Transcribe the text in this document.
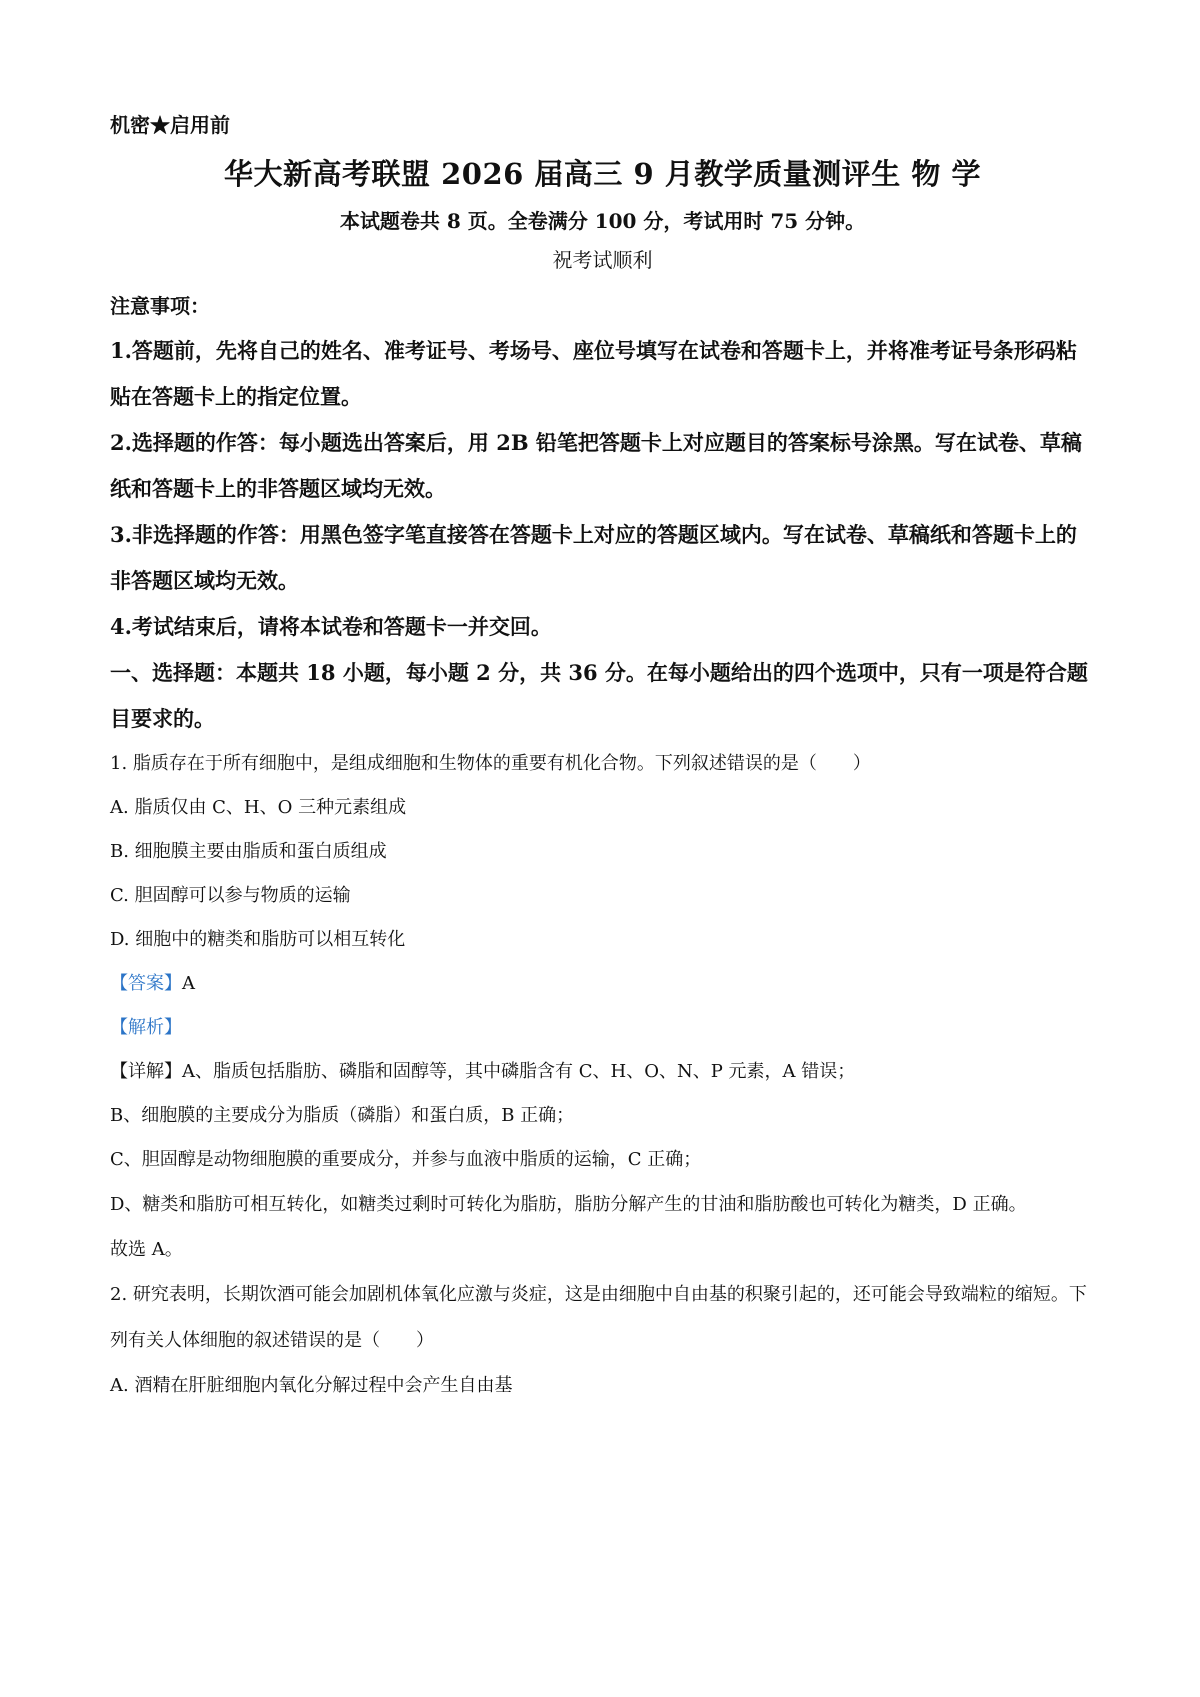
机密★启用前

华大新高考联盟 2026 届高三 9 月教学质量测评生 物 学

本试题卷共 8 页。全卷满分 100 分，考试用时 75 分钟。

祝考试顺利

注意事项：

1.答题前，先将自己的姓名、准考证号、考场号、座位号填写在试卷和答题卡上，并将准考证号条形码粘贴在答题卡上的指定位置。

2.选择题的作答：每小题选出答案后，用 2B 铅笔把答题卡上对应题目的答案标号涂黑。写在试卷、草稿纸和答题卡上的非答题区域均无效。

3.非选择题的作答：用黑色签字笔直接答在答题卡上对应的答题区域内。写在试卷、草稿纸和答题卡上的非答题区域均无效。

4.考试结束后，请将本试卷和答题卡一并交回。

一、选择题：本题共 18 小题，每小题 2 分，共 36 分。在每小题给出的四个选项中，只有一项是符合题目要求的。

1. 脂质存在于所有细胞中，是组成细胞和生物体的重要有机化合物。下列叙述错误的是（　　）

A. 脂质仅由 C、H、O 三种元素组成

B. 细胞膜主要由脂质和蛋白质组成

C. 胆固醇可以参与物质的运输

D. 细胞中的糖类和脂肪可以相互转化

【答案】A

【解析】

【详解】A、脂质包括脂肪、磷脂和固醇等，其中磷脂含有 C、H、O、N、P 元素，A 错误；

B、细胞膜的主要成分为脂质（磷脂）和蛋白质，B 正确；

C、胆固醇是动物细胞膜的重要成分，并参与血液中脂质的运输，C 正确；

D、糖类和脂肪可相互转化，如糖类过剩时可转化为脂肪，脂肪分解产生的甘油和脂肪酸也可转化为糖类，D 正确。

故选 A。

2. 研究表明，长期饮酒可能会加剧机体氧化应激与炎症，这是由细胞中自由基的积聚引起的，还可能会导致端粒的缩短。下列有关人体细胞的叙述错误的是（　　）

A. 酒精在肝脏细胞内氧化分解过程中会产生自由基
